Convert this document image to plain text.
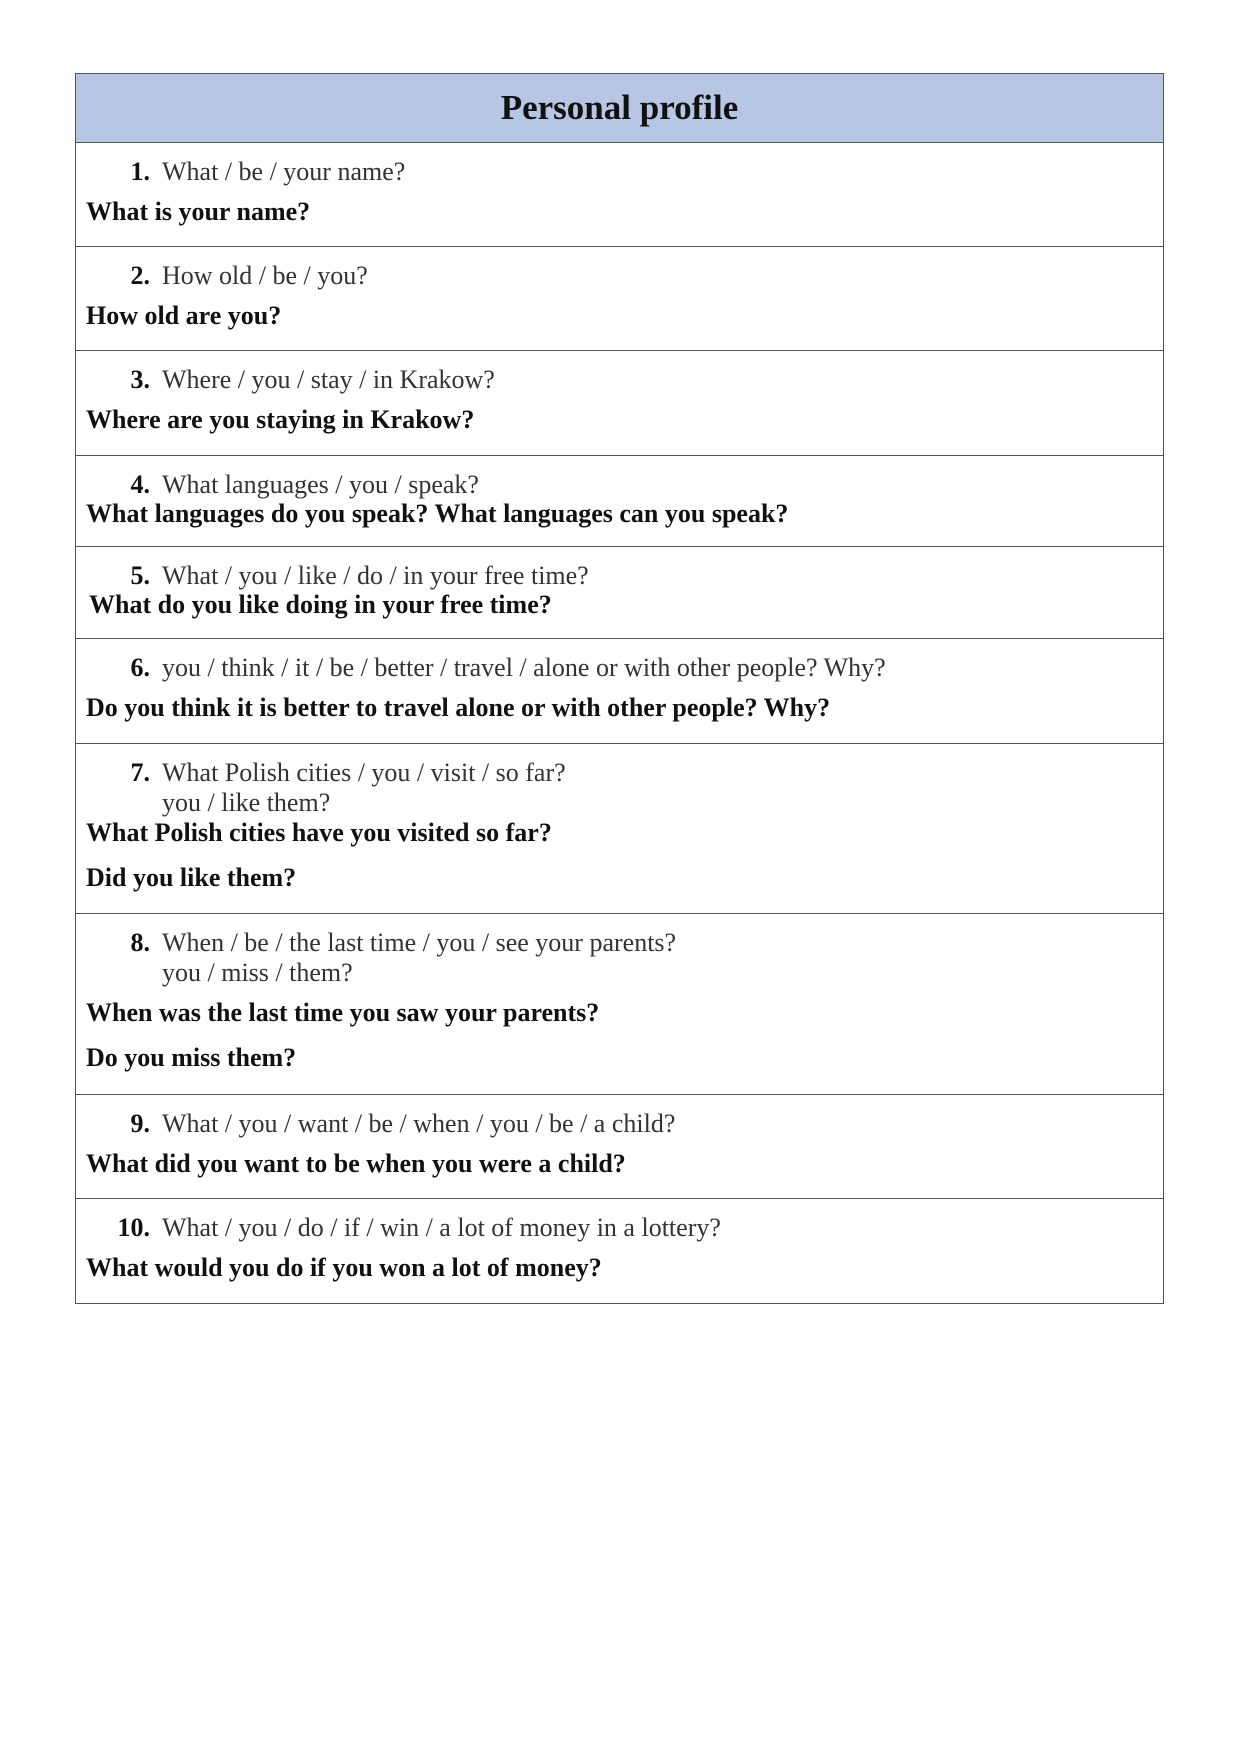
Personal profile
1. What / be / your name?
What is your name?
2. How old / be / you?
How old are you?
3. Where / you / stay / in Krakow?
Where are you staying in Krakow?
4. What languages / you / speak?
What languages do you speak? What languages can you speak?
5. What / you / like / do / in your free time?
What do you like doing in your free time?
6. you / think / it / be / better / travel / alone or with other people? Why?
Do you think it is better to travel alone or with other people? Why?
7. What Polish cities / you / visit / so far?
you / like them?
What Polish cities have you visited so far?
Did you like them?
8. When / be / the last time / you / see your parents?
you / miss / them?
When was the last time you saw your parents?
Do you miss them?
9. What / you / want / be / when / you / be / a child?
What did you want to be when you were a child?
10. What / you / do / if / win / a lot of money in a lottery?
What would you do if you won a lot of money?
